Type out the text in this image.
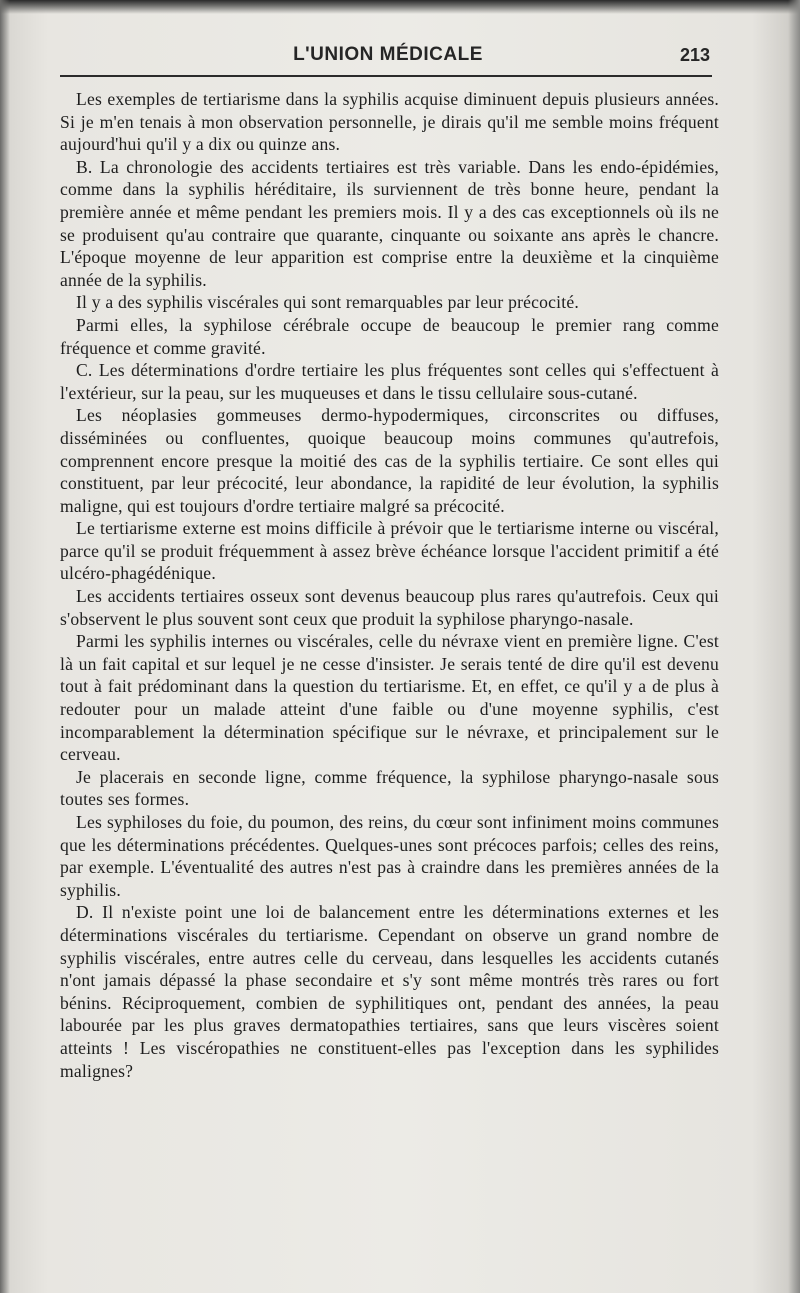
L'UNION MÉDICALE	213

Les exemples de tertiarisme dans la syphilis acquise diminuent depuis plusieurs années. Si je m'en tenais à mon observation personnelle, je dirais qu'il me semble moins fréquent aujourd'hui qu'il y a dix ou quinze ans.

B. La chronologie des accidents tertiaires est très variable. Dans les endo-épidémies, comme dans la syphilis héréditaire, ils surviennent de très bonne heure, pendant la première année et même pendant les premiers mois. Il y a des cas exceptionnels où ils ne se produisent qu'au contraire que quarante, cinquante ou soixante ans après le chancre. L'époque moyenne de leur apparition est comprise entre la deuxième et la cinquième année de la syphilis.

Il y a des syphilis viscérales qui sont remarquables par leur précocité.

Parmi elles, la syphilose cérébrale occupe de beaucoup le premier rang comme fréquence et comme gravité.

C. Les déterminations d'ordre tertiaire les plus fréquentes sont celles qui s'effectuent à l'extérieur, sur la peau, sur les muqueuses et dans le tissu cellulaire sous-cutané.

Les néoplasies gommeuses dermo-hypodermiques, circonscrites ou diffuses, disséminées ou confluentes, quoique beaucoup moins communes qu'autrefois, comprennent encore presque la moitié des cas de la syphilis tertiaire. Ce sont elles qui constituent, par leur précocité, leur abondance, la rapidité de leur évolution, la syphilis maligne, qui est toujours d'ordre tertiaire malgré sa précocité.

Le tertiarisme externe est moins difficile à prévoir que le tertiarisme interne ou viscéral, parce qu'il se produit fréquemment à assez brève échéance lorsque l'accident primitif a été ulcéro-phagédénique.

Les accidents tertiaires osseux sont devenus beaucoup plus rares qu'autrefois. Ceux qui s'observent le plus souvent sont ceux que produit la syphilose pharyngo-nasale.

Parmi les syphilis internes ou viscérales, celle du névraxe vient en première ligne. C'est là un fait capital et sur lequel je ne cesse d'insister. Je serais tenté de dire qu'il est devenu tout à fait prédominant dans la question du tertiarisme. Et, en effet, ce qu'il y a de plus à redouter pour un malade atteint d'une faible ou d'une moyenne syphilis, c'est incomparablement la détermination spécifique sur le névraxe, et principalement sur le cerveau.

Je placerais en seconde ligne, comme fréquence, la syphilose pharyngo-nasale sous toutes ses formes.

Les syphiloses du foie, du poumon, des reins, du cœur sont infiniment moins communes que les déterminations précédentes. Quelques-unes sont précoces parfois; celles des reins, par exemple. L'éventualité des autres n'est pas à craindre dans les premières années de la syphilis.

D. Il n'existe point une loi de balancement entre les déterminations externes et les déterminations viscérales du tertiarisme. Cependant on observe un grand nombre de syphilis viscérales, entre autres celle du cerveau, dans lesquelles les accidents cutanés n'ont jamais dépassé la phase secondaire et s'y sont même montrés très rares ou fort bénins. Réciproquement, combien de syphilitiques ont, pendant des années, la peau labourée par les plus graves dermatopathies tertiaires, sans que leurs viscères soient atteints ! Les viscéropathies ne constituent-elles pas l'exception dans les syphilides malignes?
